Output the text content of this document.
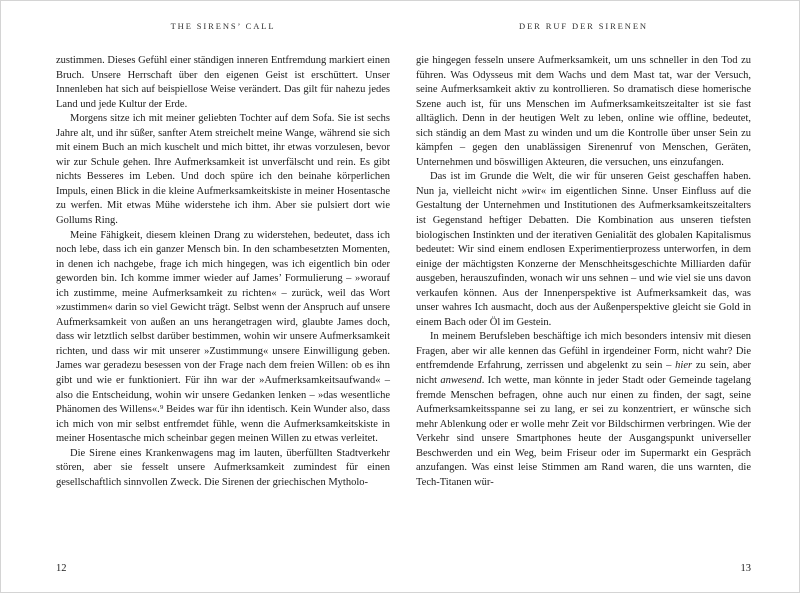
THE SIRENS’ CALL

zustimmen. Dieses Gefühl einer ständigen inneren Entfremdung markiert einen Bruch. Unsere Herrschaft über den eigenen Geist ist erschüttert. Unser Innenleben hat sich auf beispiellose Weise verändert. Das gilt für nahezu jedes Land und jede Kultur der Erde.

Morgens sitze ich mit meiner geliebten Tochter auf dem Sofa. Sie ist sechs Jahre alt, und ihr süßer, sanfter Atem streichelt meine Wange, während sie sich mit einem Buch an mich kuschelt und mich bittet, ihr etwas vorzulesen, bevor wir zur Schule gehen. Ihre Aufmerksamkeit ist unverfälscht und rein. Es gibt nichts Besseres im Leben. Und doch spüre ich den beinahe körperlichen Impuls, einen Blick in die kleine Aufmerksamkeitskiste in meiner Hosentasche zu werfen. Mit etwas Mühe widerstehe ich ihm. Aber sie pulsiert dort wie Gollums Ring.

Meine Fähigkeit, diesem kleinen Drang zu widerstehen, bedeutet, dass ich noch lebe, dass ich ein ganzer Mensch bin. In den schambesetzten Momenten, in denen ich nachgebe, frage ich mich hingegen, was ich eigentlich bin oder geworden bin. Ich komme immer wieder auf James’ Formulierung – »worauf ich zustimme, meine Aufmerksamkeit zu richten« – zurück, weil das Wort »zustimmen« darin so viel Gewicht trägt. Selbst wenn der Anspruch auf unsere Aufmerksamkeit von außen an uns herangetragen wird, glaubte James doch, dass wir letztlich selbst darüber bestimmen, wohin wir unsere Aufmerksamkeit richten, und dass wir mit unserer »Zustimmung« unsere Einwilligung geben. James war geradezu besessen von der Frage nach dem freien Willen: ob es ihn gibt und wie er funktioniert. Für ihn war der »Aufmerksamkeitsaufwand« – also die Entscheidung, wohin wir unsere Gedanken lenken – »das wesentliche Phänomen des Willens«.⁹ Beides war für ihn identisch. Kein Wunder also, dass ich mich von mir selbst entfremdet fühle, wenn die Aufmerksamkeitskiste in meiner Hosentasche mich scheinbar gegen meinen Willen zu etwas verleitet.

Die Sirene eines Krankenwagens mag im lauten, überfüllten Stadtverkehr stören, aber sie fesselt unsere Aufmerksamkeit zumindest für einen gesellschaftlich sinnvollen Zweck. Die Sirenen der griechischen Mytholo-

12
DER RUF DER SIRENEN

gie hingegen fesseln unsere Aufmerksamkeit, um uns schneller in den Tod zu führen. Was Odysseus mit dem Wachs und dem Mast tat, war der Versuch, seine Aufmerksamkeit aktiv zu kontrollieren. So dramatisch diese homerische Szene auch ist, für uns Menschen im Aufmerksamkeitszeitalter ist sie fast alltäglich. Denn in der heutigen Welt zu leben, online wie offline, bedeutet, sich ständig an dem Mast zu winden und um die Kontrolle über unser Sein zu kämpfen – gegen den unablässigen Sirenenruf von Menschen, Geräten, Unternehmen und böswilligen Akteuren, die versuchen, uns einzufangen.

Das ist im Grunde die Welt, die wir für unseren Geist geschaffen haben. Nun ja, vielleicht nicht »wir« im eigentlichen Sinne. Unser Einfluss auf die Gestaltung der Unternehmen und Institutionen des Aufmerksamkeitszeitalters ist Gegenstand heftiger Debatten. Die Kombination aus unseren tiefsten biologischen Instinkten und der iterativen Genialität des globalen Kapitalismus bedeutet: Wir sind einem endlosen Experimentierprozess unterworfen, in dem einige der mächtigsten Konzerne der Menschheitsgeschichte Milliarden dafür ausgeben, herauszufinden, wonach wir uns sehnen – und wie viel sie uns davon verkaufen können. Aus der Innenperspektive ist Aufmerksamkeit das, was unser wahres Ich ausmacht, doch aus der Außenperspektive gleicht sie Gold in einem Bach oder Öl im Gestein.

In meinem Berufsleben beschäftige ich mich besonders intensiv mit diesen Fragen, aber wir alle kennen das Gefühl in irgendeiner Form, nicht wahr? Die entfremdende Erfahrung, zerrissen und abgelenkt zu sein – hier zu sein, aber nicht anwesend. Ich wette, man könnte in jeder Stadt oder Gemeinde tagelang fremde Menschen befragen, ohne auch nur einen zu finden, der sagt, seine Aufmerksamkeitsspanne sei zu lang, er sei zu konzentriert, er wünsche sich mehr Ablenkung oder er wolle mehr Zeit vor Bildschirmen verbringen. Wie der Verkehr sind unsere Smartphones heute der Ausgangspunkt universeller Beschwerden und ein Weg, beim Friseur oder im Supermarkt ein Gespräch anzufangen. Was einst leise Stimmen am Rand waren, die uns warnten, die Tech-Titanen wür-

13
